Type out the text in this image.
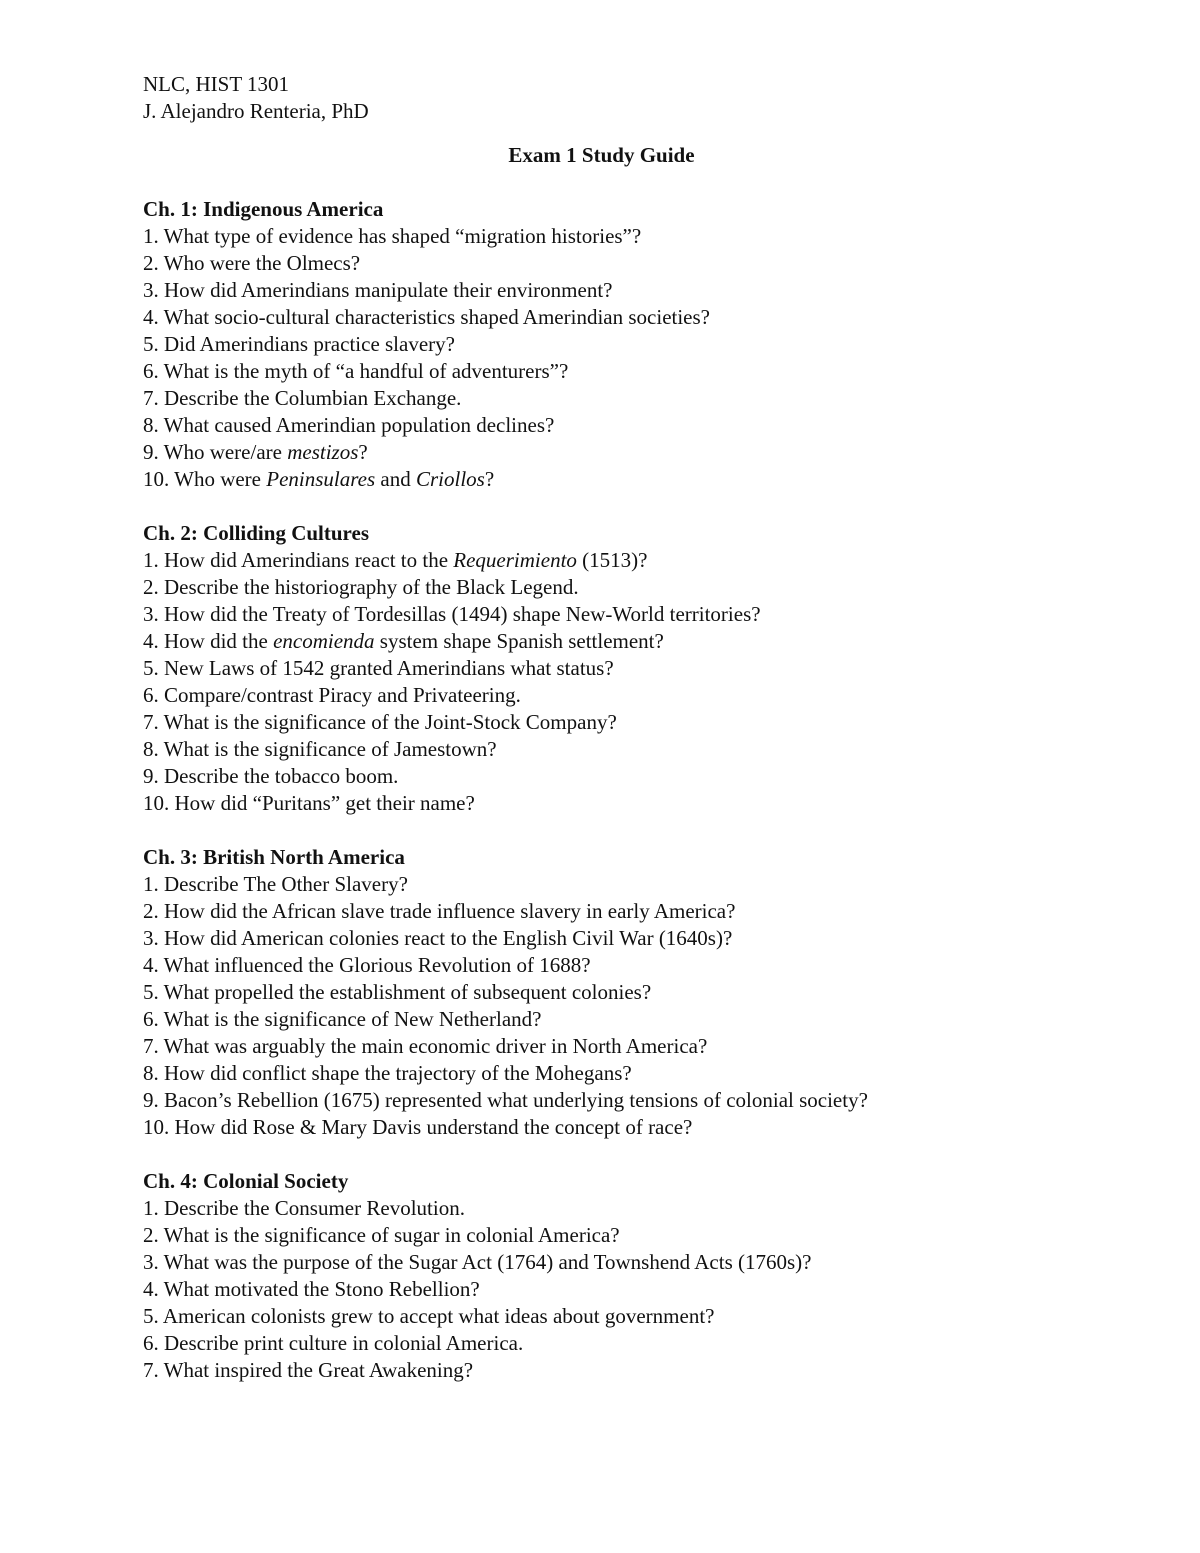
NLC, HIST 1301
J. Alejandro Renteria, PhD
Exam 1 Study Guide
Ch. 1: Indigenous America
1. What type of evidence has shaped “migration histories”?
2. Who were the Olmecs?
3. How did Amerindians manipulate their environment?
4. What socio-cultural characteristics shaped Amerindian societies?
5. Did Amerindians practice slavery?
6. What is the myth of “a handful of adventurers”?
7. Describe the Columbian Exchange.
8. What caused Amerindian population declines?
9. Who were/are mestizos?
10. Who were Peninsulares and Criollos?
Ch. 2: Colliding Cultures
1. How did Amerindians react to the Requerimiento (1513)?
2. Describe the historiography of the Black Legend.
3. How did the Treaty of Tordesillas (1494) shape New-World territories?
4. How did the encomienda system shape Spanish settlement?
5. New Laws of 1542 granted Amerindians what status?
6. Compare/contrast Piracy and Privateering.
7. What is the significance of the Joint-Stock Company?
8. What is the significance of Jamestown?
9. Describe the tobacco boom.
10. How did “Puritans” get their name?
Ch. 3: British North America
1. Describe The Other Slavery?
2. How did the African slave trade influence slavery in early America?
3. How did American colonies react to the English Civil War (1640s)?
4. What influenced the Glorious Revolution of 1688?
5. What propelled the establishment of subsequent colonies?
6. What is the significance of New Netherland?
7. What was arguably the main economic driver in North America?
8. How did conflict shape the trajectory of the Mohegans?
9. Bacon’s Rebellion (1675) represented what underlying tensions of colonial society?
10. How did Rose & Mary Davis understand the concept of race?
Ch. 4: Colonial Society
1. Describe the Consumer Revolution.
2. What is the significance of sugar in colonial America?
3. What was the purpose of the Sugar Act (1764) and Townshend Acts (1760s)?
4. What motivated the Stono Rebellion?
5. American colonists grew to accept what ideas about government?
6. Describe print culture in colonial America.
7. What inspired the Great Awakening?
